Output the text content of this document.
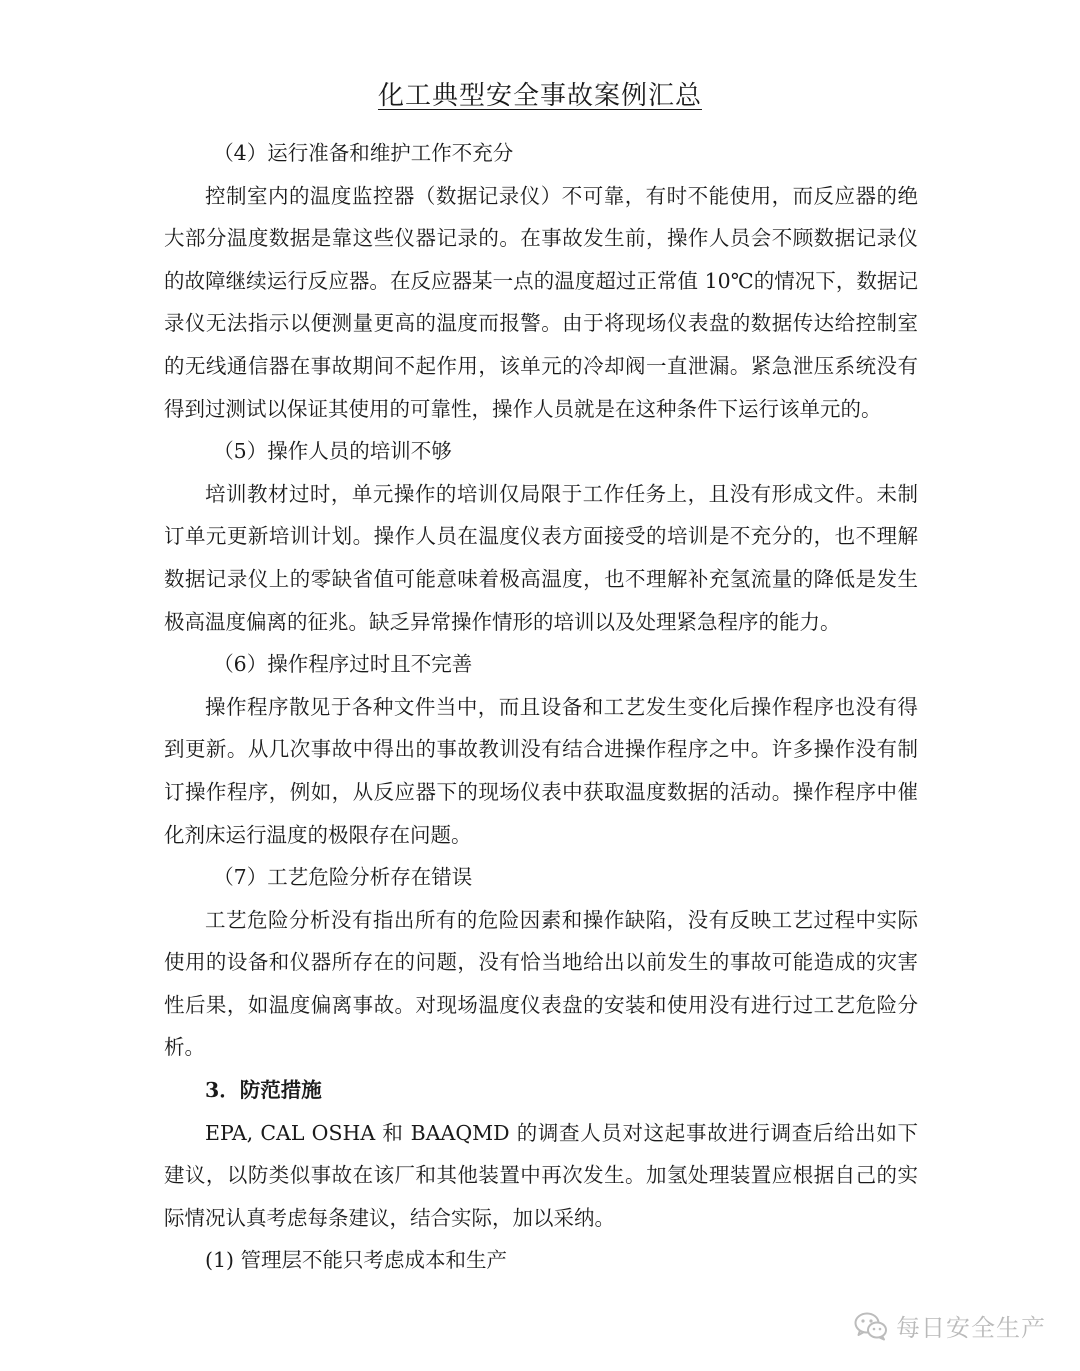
化工典型安全事故案例汇总

（4）运行准备和维护工作不充分

控制室内的温度监控器（数据记录仪）不可靠，有时不能使用，而反应器的绝大部分温度数据是靠这些仪器记录的。在事故发生前，操作人员会不顾数据记录仪的故障继续运行反应器。在反应器某一点的温度超过正常值 10℃的情况下，数据记录仪无法指示以便测量更高的温度而报警。由于将现场仪表盘的数据传达给控制室的无线通信器在事故期间不起作用，该单元的冷却阀一直泄漏。紧急泄压系统没有得到过测试以保证其使用的可靠性，操作人员就是在这种条件下运行该单元的。

（5）操作人员的培训不够

培训教材过时，单元操作的培训仅局限于工作任务上，且没有形成文件。未制订单元更新培训计划。操作人员在温度仪表方面接受的培训是不充分的，也不理解数据记录仪上的零缺省值可能意味着极高温度，也不理解补充氢流量的降低是发生极高温度偏离的征兆。缺乏异常操作情形的培训以及处理紧急程序的能力。

（6）操作程序过时且不完善

操作程序散见于各种文件当中，而且设备和工艺发生变化后操作程序也没有得到更新。从几次事故中得出的事故教训没有结合进操作程序之中。许多操作没有制订操作程序，例如，从反应器下的现场仪表中获取温度数据的活动。操作程序中催化剂床运行温度的极限存在问题。

（7）工艺危险分析存在错误

工艺危险分析没有指出所有的危险因素和操作缺陷，没有反映工艺过程中实际使用的设备和仪器所存在的问题，没有恰当地给出以前发生的事故可能造成的灾害性后果，如温度偏离事故。对现场温度仪表盘的安装和使用没有进行过工艺危险分析。

3．防范措施

EPA, CAL OSHA 和 BAAQMD 的调查人员对这起事故进行调查后给出如下建议，以防类似事故在该厂和其他装置中再次发生。加氢处理装置应根据自己的实际情况认真考虑每条建议，结合实际，加以采纳。

(1) 管理层不能只考虑成本和生产

每日安全生产
